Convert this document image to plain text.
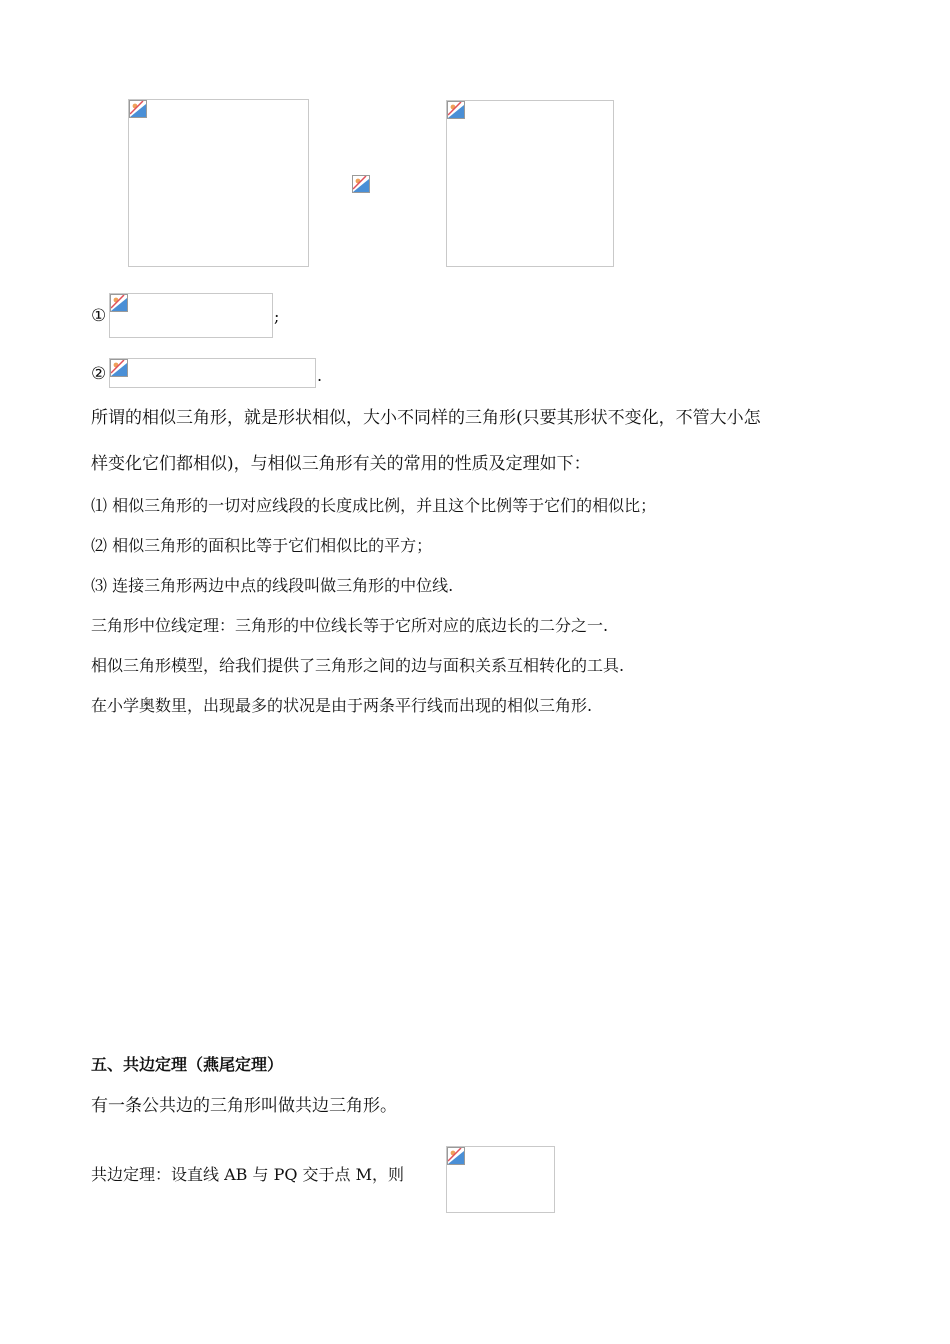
①	;
②	.
所谓的相似三角形，就是形状相似，大小不同样的三角形(只要其形状不变化，不管大小怎
样变化它们都相似)，与相似三角形有关的常用的性质及定理如下：
⑴ 相似三角形的一切对应线段的长度成比例，并且这个比例等于它们的相似比；
⑵ 相似三角形的面积比等于它们相似比的平方；
⑶ 连接三角形两边中点的线段叫做三角形的中位线.
三角形中位线定理：三角形的中位线长等于它所对应的底边长的二分之一.
相似三角形模型，给我们提供了三角形之间的边与面积关系互相转化的工具.
在小学奥数里，出现最多的状况是由于两条平行线而出现的相似三角形.
五、共边定理（燕尾定理）
有一条公共边的三角形叫做共边三角形。
共边定理：设直线 AB 与 PQ 交于点 M，则
